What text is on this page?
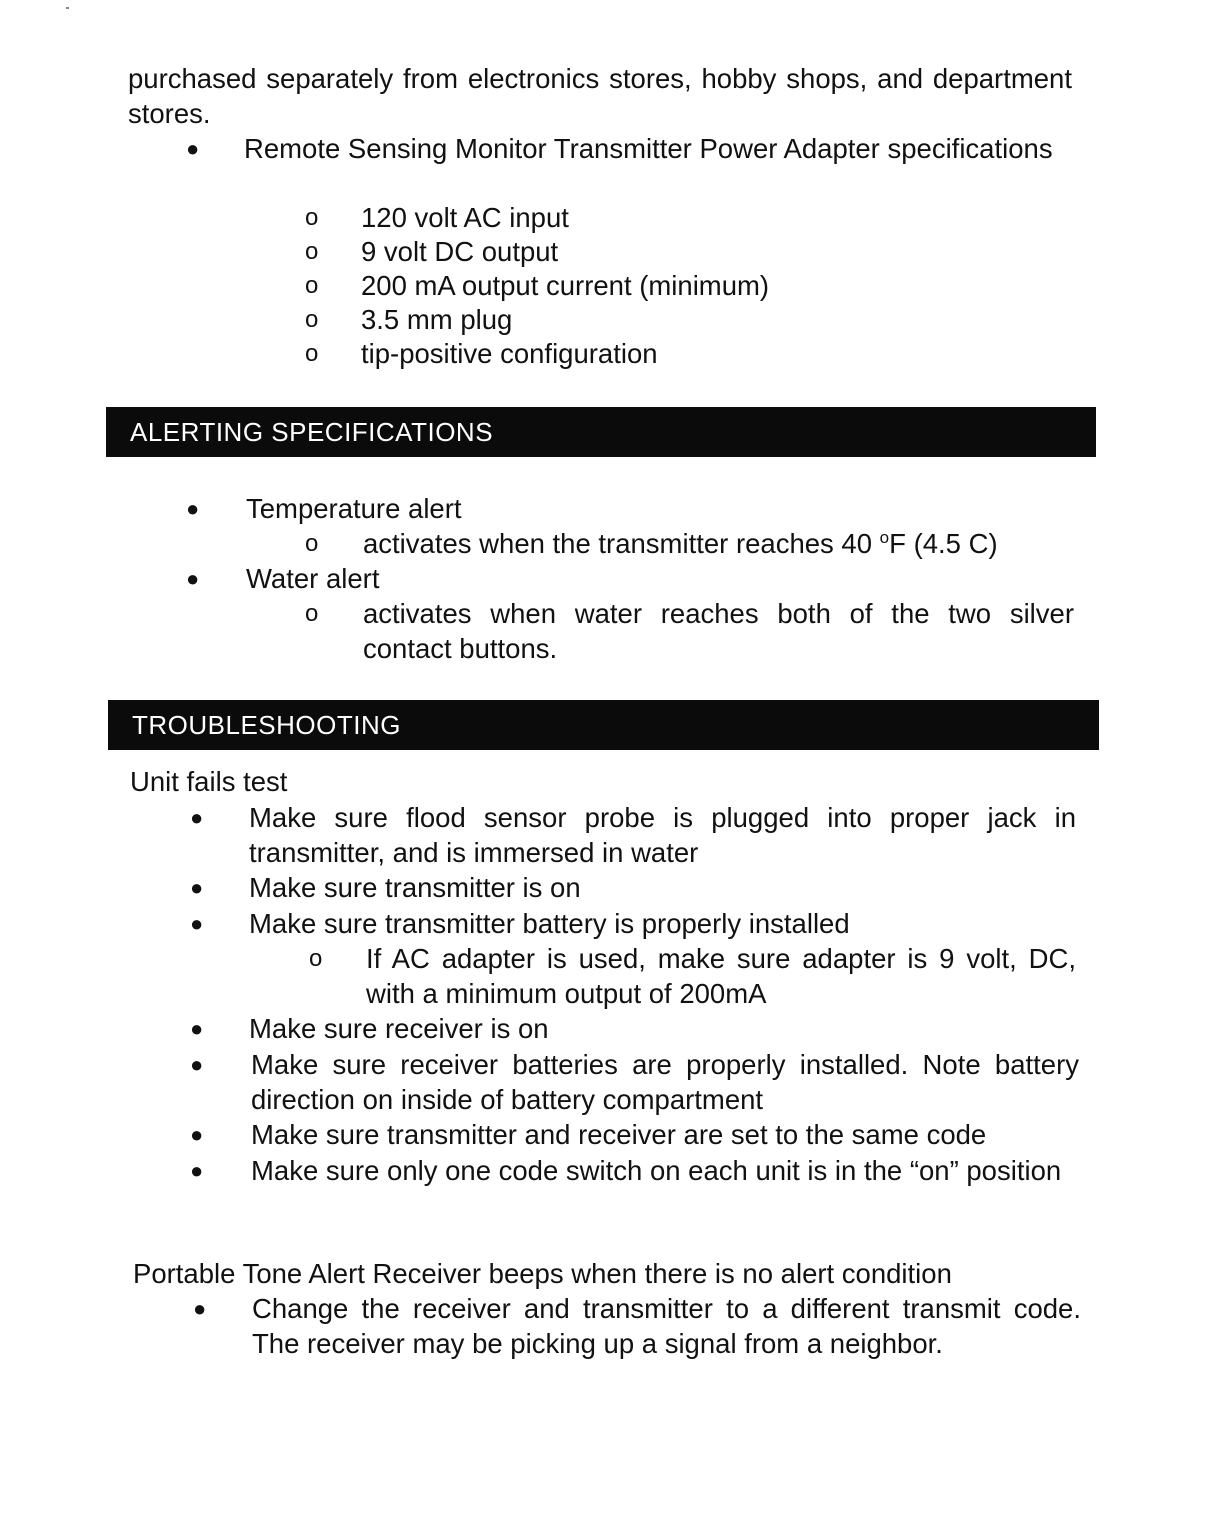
purchased separately from electronics stores, hobby shops, and department stores.

● Remote Sensing Monitor Transmitter Power Adapter specifications
o 120 volt AC input
o 9 volt DC output
o 200 mA output current (minimum)
o 3.5 mm plug
o tip-positive configuration
ALERTING SPECIFICATIONS
● Temperature alert
o activates when the transmitter reaches 40 $^o$F (4.5 C)
● Water alert
o activates when water reaches both of the two silver contact buttons.
TROUBLESHOOTING

Unit fails test

● Make sure flood sensor probe is plugged into proper jack in transmitter, and is immersed in water
● Make sure transmitter is on
● Make sure transmitter battery is properly installed
o If AC adapter is used, make sure adapter is 9 volt, DC, with a minimum output of 200mA
● Make sure receiver is on
● Make sure receiver batteries are properly installed. Note battery direction on inside of battery compartment
● Make sure transmitter and receiver are set to the same code
● Make sure only one code switch on each unit is in the “on” position

Portable Tone Alert Receiver beeps when there is no alert condition

● Change the receiver and transmitter to a different transmit code. The receiver may be picking up a signal from a neighbor.
